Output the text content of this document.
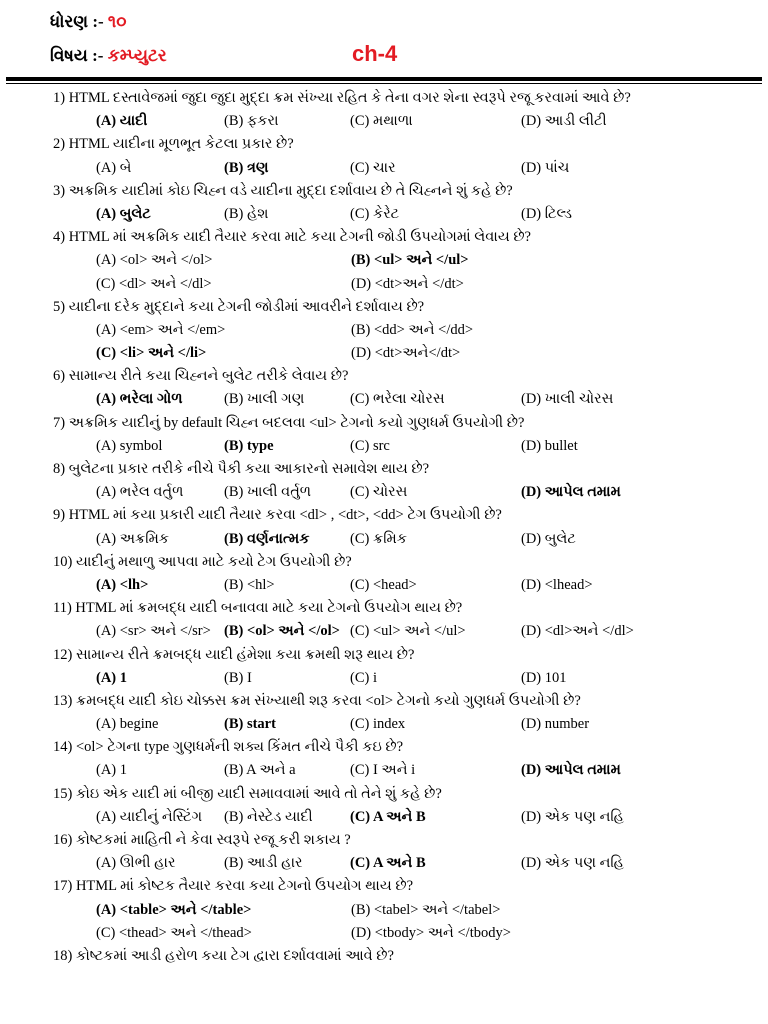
ધોરણ :- ૧૦
વિષય :- કમ્પ્યુટર	ch-4
1) HTML દસ્તાવેજમાં જુદા જુદા મુદ્દા ક્રમ સંખ્યા રહિત કે તેના વગર શેના સ્વરૂપે રજૂ કરવામાં આવે છે?
(A) યાદી	(B) ફકરા	(C) મથાળા	(D) આડી લીટી
2) HTML યાદીના મૂળભૂત કેટલા પ્રકાર છે?
(A) બે	(B) ત્રણ	(C) ચાર	(D) પાંચ
3) અક્રમિક યાદીમાં કોઇ ચિહ્‍ન વડે યાદીના મુદ્દા દર્શાવાય છે તે ચિહ્‍નને શું કહે છે?
(A) બુલેટ	(B) હેશ	(C) કેરેટ	(D) ટિલ્ડ
4) HTML માં અક્રમિક યાદી તૈયાર કરવા માટે કયા ટેગની જોડી ઉપયોગમાં લેવાય છે?
(A) <ol> અને </ol>	(B) <ul> અને </ul>
(C) <dl> અને </dl>	(D) <dt>અને </dt>
5) યાદીના દરેક મુદ્દાને કયા ટેગની જોડીમાં આવરીને દર્શાવાય છે?
(A) <em> અને </em>	(B) <dd> અને </dd>
(C) <li> અને </li>	(D) <dt>અને</dt>
6) સામાન્ય રીતે કયા ચિહ્‍નને બુલેટ તરીકે લેવાય છે?
(A) ભરેલા ગોળ	(B) ખાલી ગણ	(C) ભરેલા ચોરસ	(D) ખાલી ચોરસ
7) અક્રમિક યાદીનું by default ચિહ્‍ન બદલવા <ul> ટેગનો કયો ગુણધર્મ ઉપયોગી છે?
(A) symbol	(B) type	(C) src	(D) bullet
8) બુલેટના પ્રકાર તરીકે નીચે પૈકી કયા આકારનો સમાવેશ થાય છે?
(A) ભરેલ વર્તુળ	(B) ખાલી વર્તુળ	(C) ચોરસ	(D) આપેલ તમામ
9) HTML માં કયા પ્રકારી યાદી તૈયાર કરવા <dl> , <dt>, <dd> ટેગ ઉપયોગી છે?
(A) અક્રમિક	(B) વર્ણનાત્મક	(C) ક્રમિક	(D) બુલેટ
10) યાદીનું મથાળુ આપવા માટે કયો ટેગ ઉપયોગી છે?
(A) <lh>	(B) <hl>	(C) <head>	(D) <lhead>
11) HTML માં ક્રમબદ્ધ યાદી બનાવવા માટે કયા ટેગનો ઉપયોગ થાય છે?
(A) <sr> અને </sr> (B) <ol> અને </ol> (C) <ul> અને </ul>	(D) <dl>અને </dl>
12) સામાન્ય રીતે ક્રમબદ્ધ યાદી હંમેશા કયા ક્રમથી શરૂ થાય છે?
(A) 1	(B) I	(C) i	(D) 101
13) ક્રમબદ્ધ યાદી કોઇ ચોક્કસ ક્રમ સંખ્યાથી શરૂ કરવા <ol> ટેગનો કયો ગુણધર્મ ઉપયોગી છે?
(A) begine	(B) start	(C) index	(D) number
14) <ol> ટેગના type ગુણધર્મની શક્ય કિંમત નીચે પૈકી કઇ છે?
(A) 1	(B) A અને a	(C) I અને i	(D) આપેલ તમામ
15) કોઇ એક યાદી માં બીજી યાદી સમાવવામાં આવે તો તેને શું કહે છે?
(A) યાદીનું નેસ્ટિંગ (B) નેસ્ટેડ યાદી	(C) A અને B	(D) એક પણ નહિ
16) કોષ્ટકમાં માહિતી ને કેવા સ્વરૂપે રજૂ કરી શકાય ?
(A) ઊભી હાર	(B) આડી હાર	(C) A અને B	(D) એક પણ નહિ
17) HTML માં કોષ્ટક તૈયાર કરવા કયા ટેગનો ઉપયોગ થાય છે?
(A) <table> અને </table>	(B) <tabel> અને </tabel>
(C) <thead> અને </thead>	(D) <tbody> અને </tbody>
18) કોષ્ટકમાં આડી હરોળ કયા ટેગ દ્વારા દર્શાવવામાં આવે છે?
